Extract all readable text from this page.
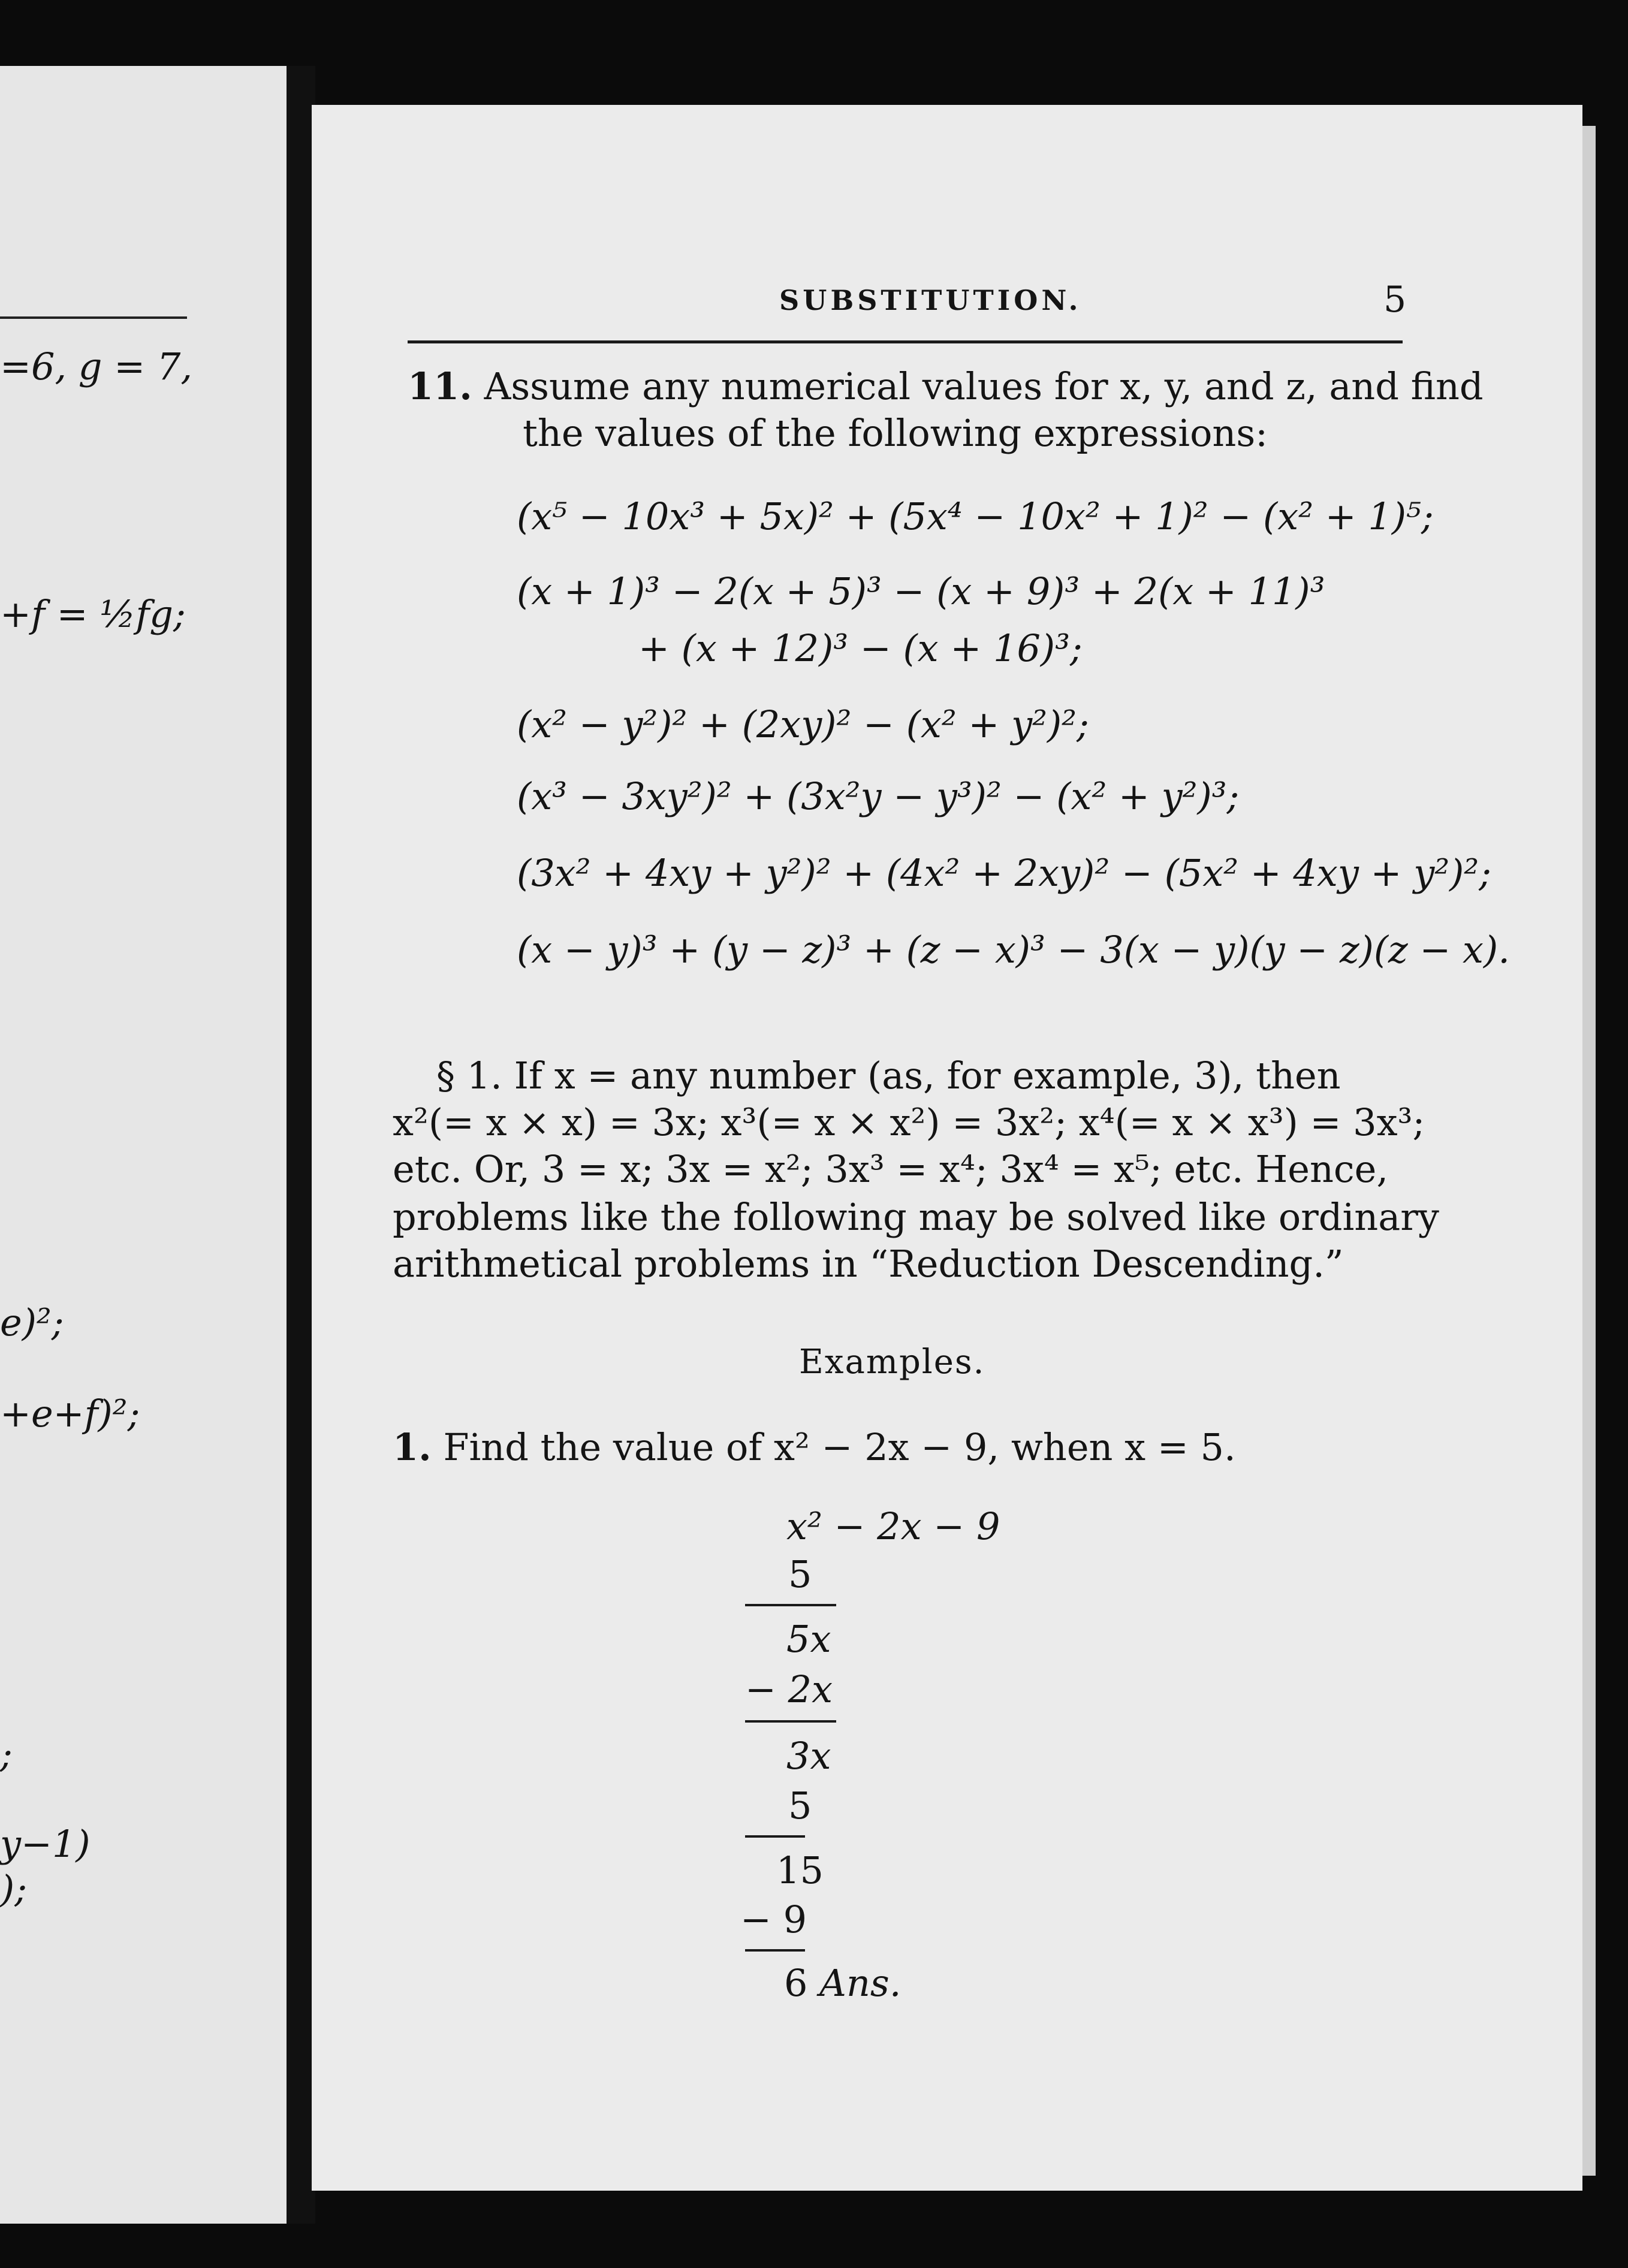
=6, g = 7,
+f = ½fg;
e)²;
+e+f)²;
;
y−1)
);
SUBSTITUTION.	5
11. Assume any numerical values for x, y, and z, and find
the values of the following expressions:
(x⁵ − 10x³ + 5x)² + (5x⁴ − 10x² + 1)² − (x² + 1)⁵;
(x + 1)³ − 2(x + 5)³ − (x + 9)³ + 2(x + 11)³
+ (x + 12)³ − (x + 16)³;
(x² − y²)² + (2xy)² − (x² + y²)²;
(x³ − 3xy²)² + (3x²y − y³)² − (x² + y²)³;
(3x² + 4xy + y²)² + (4x² + 2xy)² − (5x² + 4xy + y²)²;
(x − y)³ + (y − z)³ + (z − x)³ − 3(x − y)(y − z)(z − x).
§ 1. If x = any number (as, for example, 3), then
x²(= x × x) = 3x; x³(= x × x²) = 3x²; x⁴(= x × x³) = 3x³;
etc. Or, 3 = x; 3x = x²; 3x³ = x⁴; 3x⁴ = x⁵; etc. Hence,
problems like the following may be solved like ordinary
arithmetical problems in “Reduction Descending.”
Examples.
1. Find the value of x² − 2x − 9, when x = 5.
x² − 2x − 9
5
5x
− 2x
3x
5
15
− 9
6 Ans.
